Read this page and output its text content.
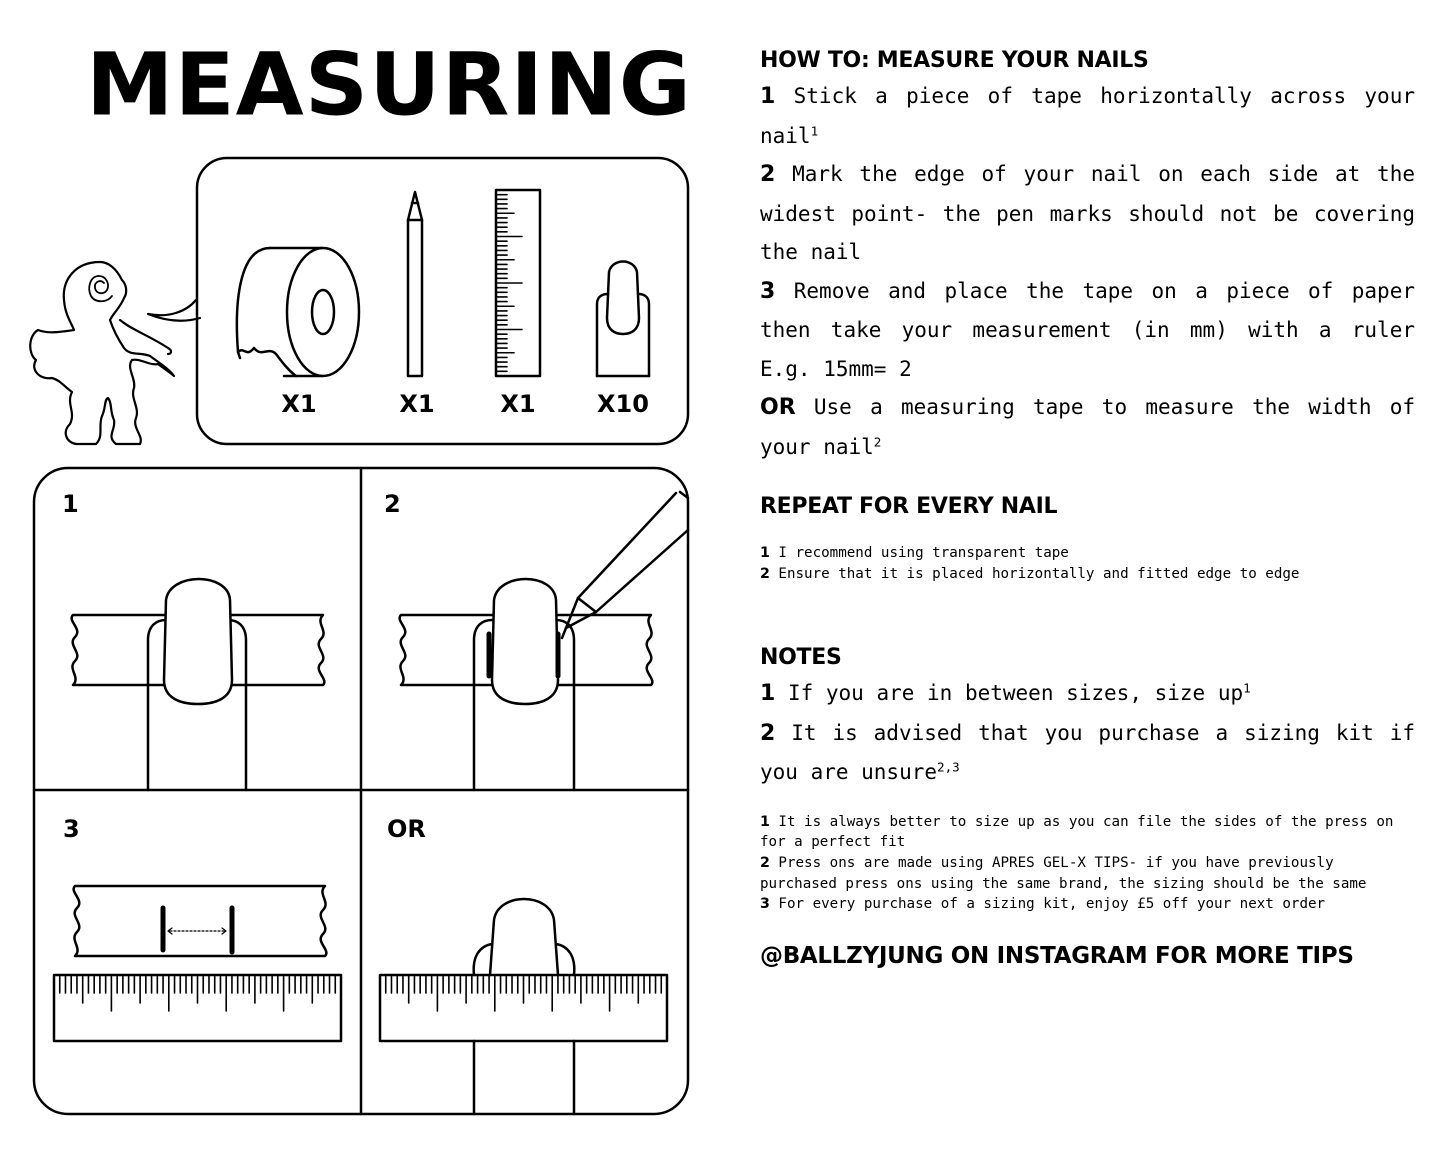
MEASURING
X1	X1	X1	X10
1	2
3	OR
HOW TO: MEASURE YOUR NAILS

1 Stick a piece of tape horizontally across your nail$^1$

2 Mark the edge of your nail on each side at the widest point- the pen marks should not be covering the nail

3 Remove and place the tape on a piece of paper then take your measurement (in mm) with a ruler E.g. 15mm= 2

OR Use a measuring tape to measure the width of your nail$^2$

REPEAT FOR EVERY NAIL

1 I recommend using transparent tape

2 Ensure that it is placed horizontally and fitted edge to edge

NOTES

1 If you are in between sizes, size $up^1$

2 It is advised that you purchase a sizing kit if you are unsure$^{2,3}$

1 It is always better to size up as you can file the sides of the press on for a perfect fit

2 Press ons are made using APRES GEL-X TIPS- if you have previously purchased press ons using the same brand, the sizing should be the same

3 For every purchase of a sizing kit, enjoy £5 off your next order

@BALLZYJUNG ON INSTAGRAM FOR MORE TIPS
